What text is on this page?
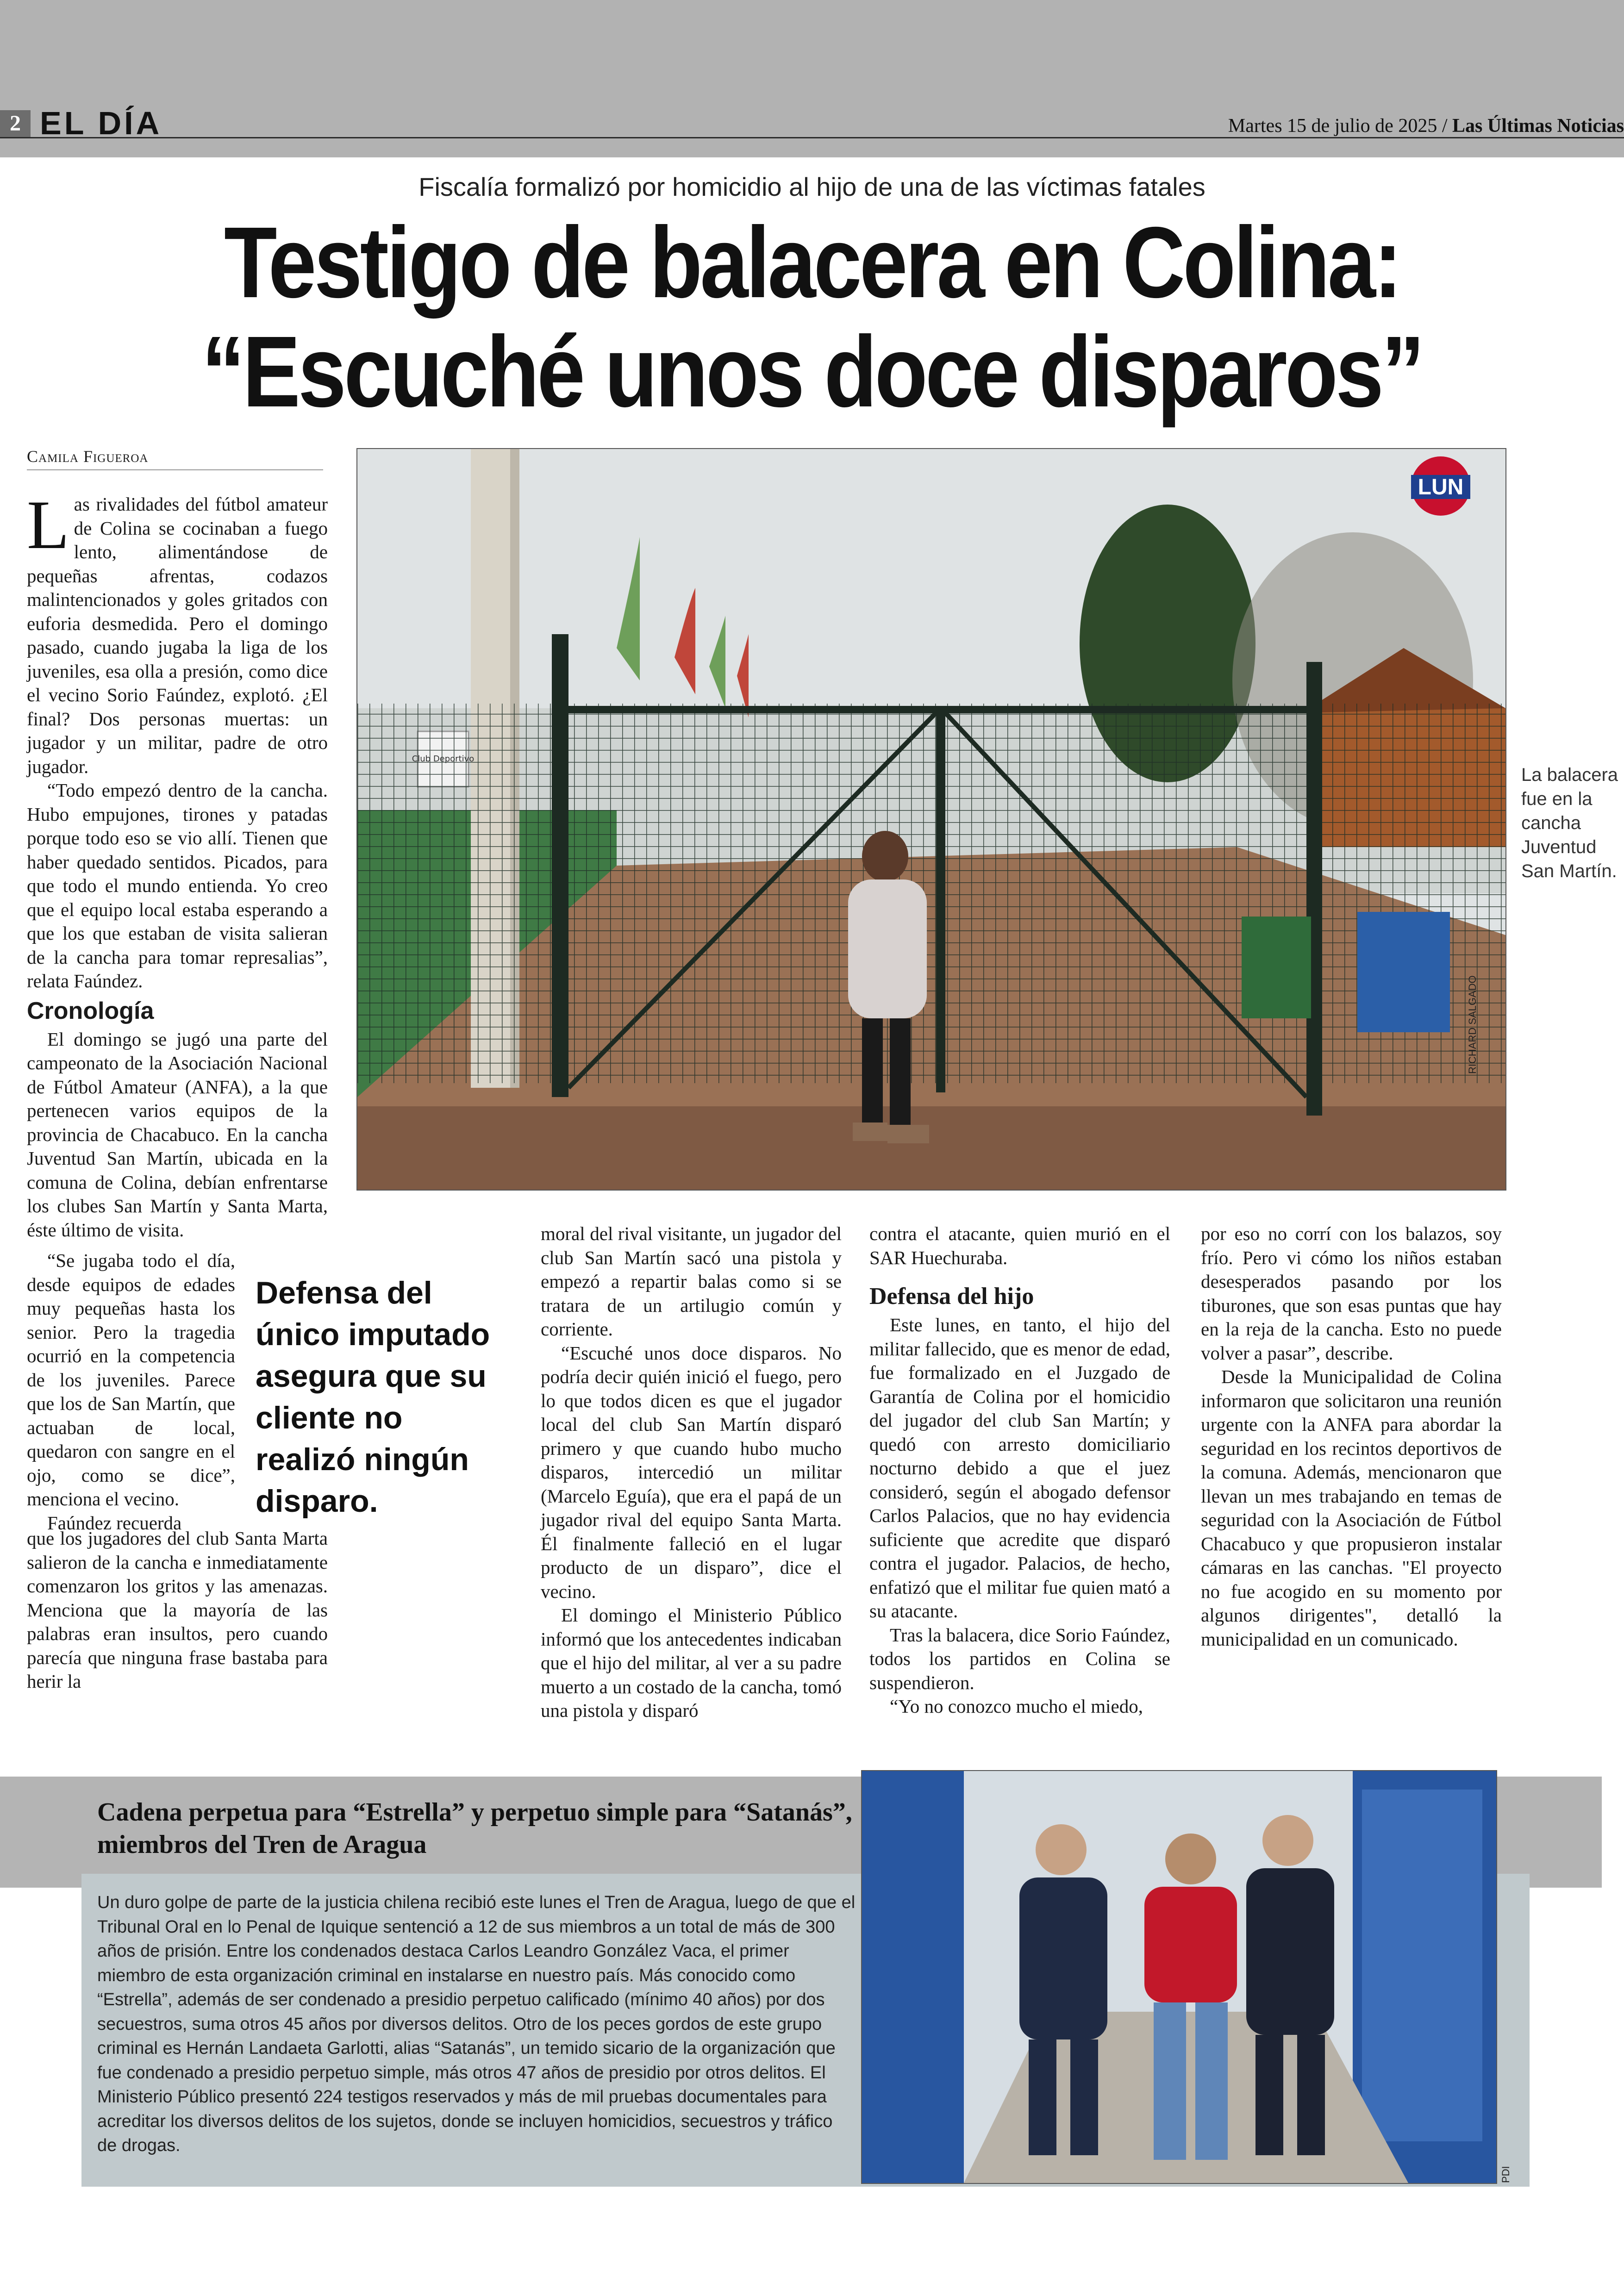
2 EL DÍA	Martes 15 de julio de 2025 / Las Últimas Noticias
Fiscalía formalizó por homicidio al hijo de una de las víctimas fatales
Testigo de balacera en Colina:
“Escuché unos doce disparos”
Camila Figueroa

Las rivalidades del fútbol amateur de Colina se cocinaban a fuego lento, alimentándose de pequeñas afrentas, codazos malintencionados y goles gritados con euforia desmedida. Pero el domingo pasado, cuando jugaba la liga de los juveniles, esa olla a presión, como dice el vecino Sorio Faúndez, explotó. ¿El final? Dos personas muertas: un jugador y un militar, padre de otro jugador.

“Todo empezó dentro de la cancha. Hubo empujones, tirones y patadas porque todo eso se vio allí. Tienen que haber quedado sentidos. Picados, para que todo el mundo entienda. Yo creo que el equipo local estaba esperando a que los que estaban de visita salieran de la cancha para tomar represalias”, relata Faúndez.

Cronología

El domingo se jugó una parte del campeonato de la Asociación Nacional de Fútbol Amateur (ANFA), a la que pertenecen varios equipos de la provincia de Chacabuco. En la cancha Juventud San Martín, ubicada en la comuna de Colina, debían enfrentarse los clubes San Martín y Santa Marta, éste último de visita.

“Se jugaba todo el día, desde equipos de edades muy pequeñas hasta los senior. Pero la tragedia ocurrió en la competencia de los juveniles. Parece que los de San Martín, que actuaban de local, quedaron con sangre en el ojo, como se dice”, menciona el vecino.

Faúndez recuerda

que los jugadores del club Santa Marta salieron de la cancha e inmediatamente comenzaron los gritos y las amenazas. Menciona que la mayoría de las palabras eran insultos, pero cuando parecía que ninguna frase bastaba para herir la

Defensa del único imputado asegura que su cliente no realizó ningún disparo.

moral del rival visitante, un jugador del club San Martín sacó una pistola y empezó a repartir balas como si se tratara de un artilugio común y corriente.

“Escuché unos doce disparos. No podría decir quién inició el fuego, pero lo que todos dicen es que el jugador local del club San Martín disparó primero y que cuando hubo mucho disparos, intercedió un militar (Marcelo Eguía), que era el papá de un jugador rival del equipo Santa Marta. Él finalmente falleció en el lugar producto de un disparo”, dice el vecino.

El domingo el Ministerio Público informó que los antecedentes indicaban que el hijo del militar, al ver a su padre muerto a un costado de la cancha, tomó una pistola y disparó

contra el atacante, quien murió en el SAR Huechuraba.

Defensa del hijo

Este lunes, en tanto, el hijo del militar fallecido, que es menor de edad, fue formalizado en el Juzgado de Garantía de Colina por el homicidio del jugador del club San Martín; y quedó con arresto domiciliario nocturno debido a que el juez consideró, según el abogado defensor Carlos Palacios, que no hay evidencia suficiente que acredite que disparó contra el jugador. Palacios, de hecho, enfatizó que el militar fue quien mató a su atacante.

Tras la balacera, dice Sorio Faúndez, todos los partidos en Colina se suspendieron.

“Yo no conozco mucho el miedo,

por eso no corrí con los balazos, soy frío. Pero vi cómo los niños estaban desesperados pasando por los tiburones, que son esas puntas que hay en la reja de la cancha. Esto no puede volver a pasar”, describe.

Desde la Municipalidad de Colina informaron que solicitaron una reunión urgente con la ANFA para abordar la seguridad en los recintos deportivos de la comuna. Además, mencionaron que llevan un mes trabajando en temas de seguridad con la Asociación de Fútbol Chacabuco y que propusieron instalar cámaras en las canchas. "El proyecto no fue acogido en su momento por algunos dirigentes", detalló la municipalidad en un comunicado.

LUN
RICHARD SALGADO
La balacera fue en la cancha Juventud San Martín.
Cadena perpetua para “Estrella” y perpetuo simple para “Satanás”, miembros del Tren de Aragua
Un duro golpe de parte de la justicia chilena recibió este lunes el Tren de Aragua, luego de que el Tribunal Oral en lo Penal de Iquique sentenció a 12 de sus miembros a un total de más de 300 años de prisión. Entre los condenados destaca Carlos Leandro González Vaca, el primer miembro de esta organización criminal en instalarse en nuestro país. Más conocido como “Estrella”, además de ser condenado a presidio perpetuo calificado (mínimo 40 años) por dos secuestros, suma otros 45 años por diversos delitos. Otro de los peces gordos de este grupo criminal es Hernán Landaeta Garlotti, alias “Satanás”, un temido sicario de la organización que fue condenado a presidio perpetuo simple, más otros 47 años de presidio por otros delitos. El Ministerio Público presentó 224 testigos reservados y más de mil pruebas documentales para acreditar los diversos delitos de los sujetos, donde se incluyen homicidios, secuestros y tráfico de drogas.
PDI
